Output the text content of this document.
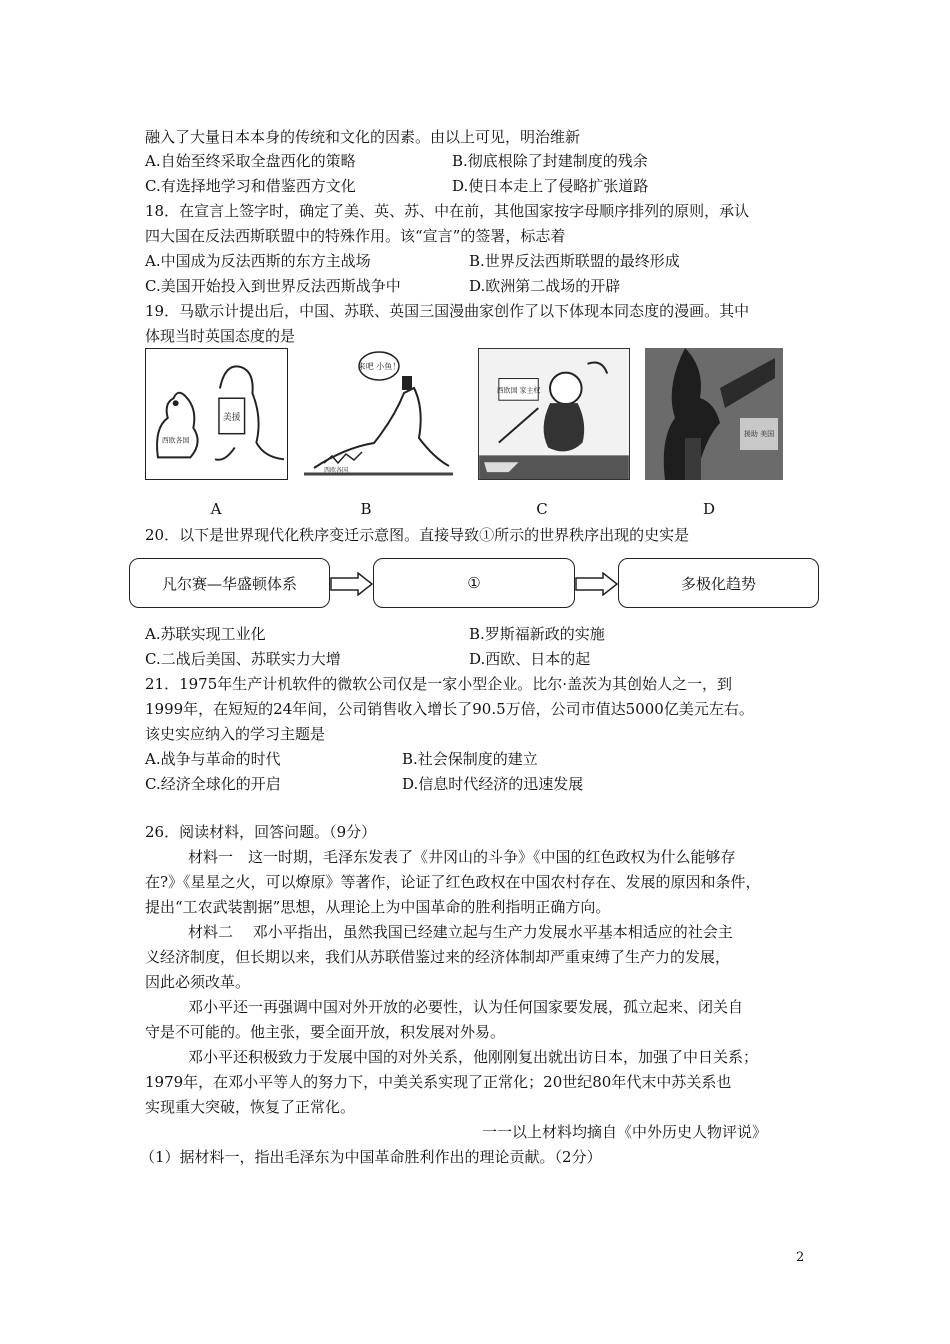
融入了大量日本本身的传统和文化的因素。由以上可见，明治维新
A.自始至终采取全盘西化的策略	B.彻底根除了封建制度的残余
C.有选择地学习和借鉴西方文化	D.使日本走上了侵略扩张道路
18．在宣言上签字时，确定了美、英、苏、中在前，其他国家按字母顺序排列的原则，承认
四大国在反法西斯联盟中的特殊作用。该“宣言”的签署，标志着
A.中国成为反法西斯的东方主战场	B.世界反法西斯联盟的最终形成
C.美国开始投入到世界反法西斯战争中	D.欧洲第二战场的开辟
19．马歇示计提出后，中国、苏联、英国三国漫曲家创作了以下体现本同态度的漫画。其中
体现当时英国态度的是
美援
西欧各国
来吧 小鱼！
西欧各国
西欧国 家主权
援助 美国
A	B	C	D
20．以下是世界现代化秩序变迁示意图。直接导致①所示的世界秩序出现的史实是
凡尔赛—华盛顿体系	①	多极化趋势
A.苏联实现工业化	B.罗斯福新政的实施
C.二战后美国、苏联实力大增	D.西欧、日本的起
21．1975年生产计机软件的微软公司仅是一家小型企业。比尔·盖茨为其创始人之一，到
1999年，在短短的24年间，公司销售收入增长了90.5万倍，公司市值达5000亿美元左右。
该史实应纳入的学习主题是
A.战争与革命的时代	B.社会保制度的建立
C.经济全球化的开启	D.信息时代经济的迅速发展
26．阅读材料，回答问题。（9分）
材料一　这一时期，毛泽东发表了《井冈山的斗争》《中国的红色政权为什么能够存
在?》《星星之火，可以燎原》等著作，论证了红色政权在中国农村存在、发展的原因和条件，
提出“工农武装割据”思想，从理论上为中国革命的胜利指明正确方向。
材料二　 邓小平指出，虽然我国已经建立起与生产力发展水平基本相适应的社会主
义经济制度，但长期以来，我们从苏联借鉴过来的经济体制却严重束缚了生产力的发展，
因此必须改革。
邓小平还一再强调中国对外开放的必要性，认为任何国家要发展，孤立起来、闭关自
守是不可能的。他主张，要全面开放，积发展对外易。
邓小平还积极致力于发展中国的对外关系，他刚刚复出就出访日本，加强了中日关系；
1979年，在邓小平等人的努力下，中美关系实现了正常化；20世纪80年代末中苏关系也
实现重大突破，恢复了正常化。
一一以上材料均摘自《中外历史人物评说》
（1）据材料一，指出毛泽东为中国革命胜利作出的理论贡献。（2分）
2
